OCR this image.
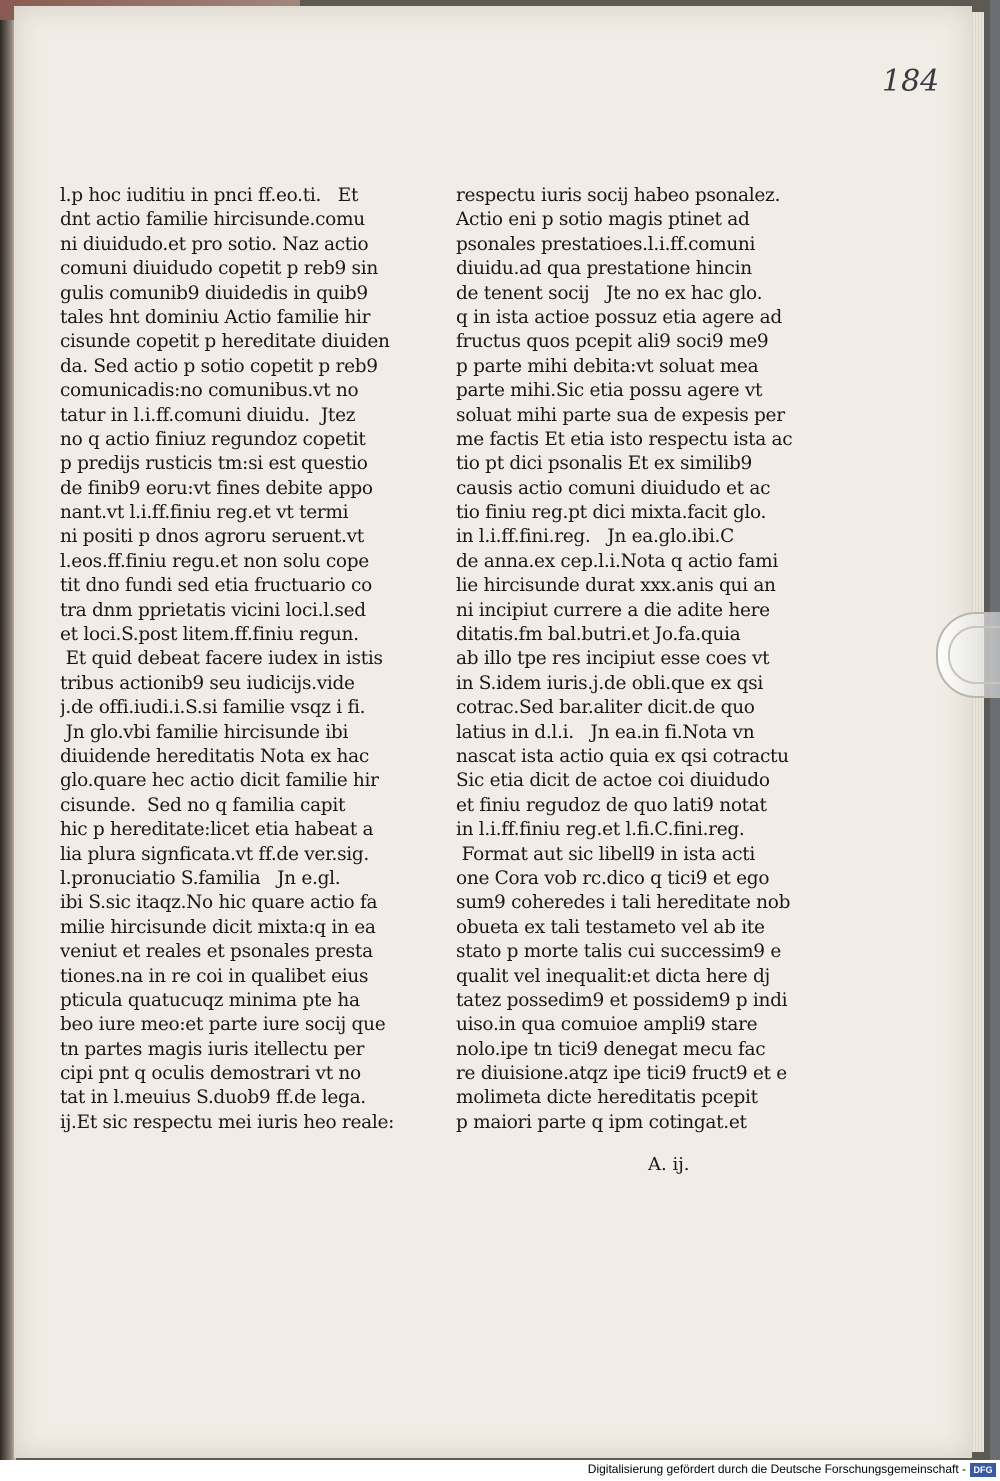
184
l.p hoc iuditiu in pnci ff.eo.ti.   Et
dnt actio familie hircisunde.comu
ni diuidudo.et pro sotio. Naz actio
comuni diuidudo copetit p reb9 sin
gulis comunib9 diuidedis in quib9
tales hnt dominiu Actio familie hir
cisunde copetit p hereditate diuiden
da. Sed actio p sotio copetit p reb9
comunicadis:no comunibus.vt no
tatur in l.i.ff.comuni diuidu.  Jtez
no q actio finiuz regundoz copetit
p predijs rusticis tm:si est questio
de finib9 eoru:vt fines debite appo
nant.vt l.i.ff.finiu reg.et vt termi
ni positi p dnos agroru seruent.vt
l.eos.ff.finiu regu.et non solu cope
tit dno fundi sed etia fructuario co
tra dnm pprietatis vicini loci.l.sed
et loci.S.post litem.ff.finiu regun.
Et quid debeat facere iudex in istis
tribus actionib9 seu iudicijs.vide
j.de offi.iudi.i.S.si familie vsqz i fi.
Jn glo.vbi familie hircisunde ibi
diuidende hereditatis Nota ex hac
glo.quare hec actio dicit familie hir
cisunde.  Sed no q familia capit
hic p hereditate:licet etia habeat a
lia plura signficata.vt ff.de ver.sig.
l.pronuciatio S.familia   Jn e.gl.
ibi S.sic itaqz.No hic quare actio fa
milie hircisunde dicit mixta:q in ea
veniut et reales et psonales presta
tiones.na in re coi in qualibet eius
pticula quatucuqz minima pte ha
beo iure meo:et parte iure socij que
tn partes magis iuris itellectu per
cipi pnt q oculis demostrari vt no
tat in l.meuius S.duob9 ff.de lega.
ij.Et sic respectu mei iuris heo reale:
respectu iuris socij habeo psonalez.
Actio eni p sotio magis ptinet ad
psonales prestatioes.l.i.ff.comuni
diuidu.ad qua prestatione hincin
de tenent socij   Jte no ex hac glo.
q in ista actioe possuz etia agere ad
fructus quos pcepit ali9 soci9 me9
p parte mihi debita:vt soluat mea
parte mihi.Sic etia possu agere vt
soluat mihi parte sua de expesis per
me factis Et etia isto respectu ista ac
tio pt dici psonalis Et ex similib9
causis actio comuni diuidudo et ac
tio finiu reg.pt dici mixta.facit glo.
in l.i.ff.fini.reg.   Jn ea.glo.ibi.C
de anna.ex cep.l.i.Nota q actio fami
lie hircisunde durat xxx.anis qui an
ni incipiut currere a die adite here
ditatis.fm bal.butri.et Jo.fa.quia
ab illo tpe res incipiut esse coes vt
in S.idem iuris.j.de obli.que ex qsi
cotrac.Sed bar.aliter dicit.de quo
latius in d.l.i.   Jn ea.in fi.Nota vn
nascat ista actio quia ex qsi cotractu
Sic etia dicit de actoe coi diuidudo
et finiu regudoz de quo lati9 notat
in l.i.ff.finiu reg.et l.fi.C.fini.reg.
Format aut sic libell9 in ista acti
one Cora vob rc.dico q tici9 et ego
sum9 coheredes i tali hereditate nob
obueta ex tali testameto vel ab ite
stato p morte talis cui successim9 e
qualit vel inequalit:et dicta here dj
tatez possedim9 et possidem9 p indi
uiso.in qua comuioe ampli9 stare
nolo.ipe tn tici9 denegat mecu fac
re diuisione.atqz ipe tici9 fruct9 et e
molimeta dicte hereditatis pcepit
p maiori parte q ipm cotingat.et
A. ij.
Digitalisierung gefördert durch die Deutsche Forschungsgemeinschaft - DFG
